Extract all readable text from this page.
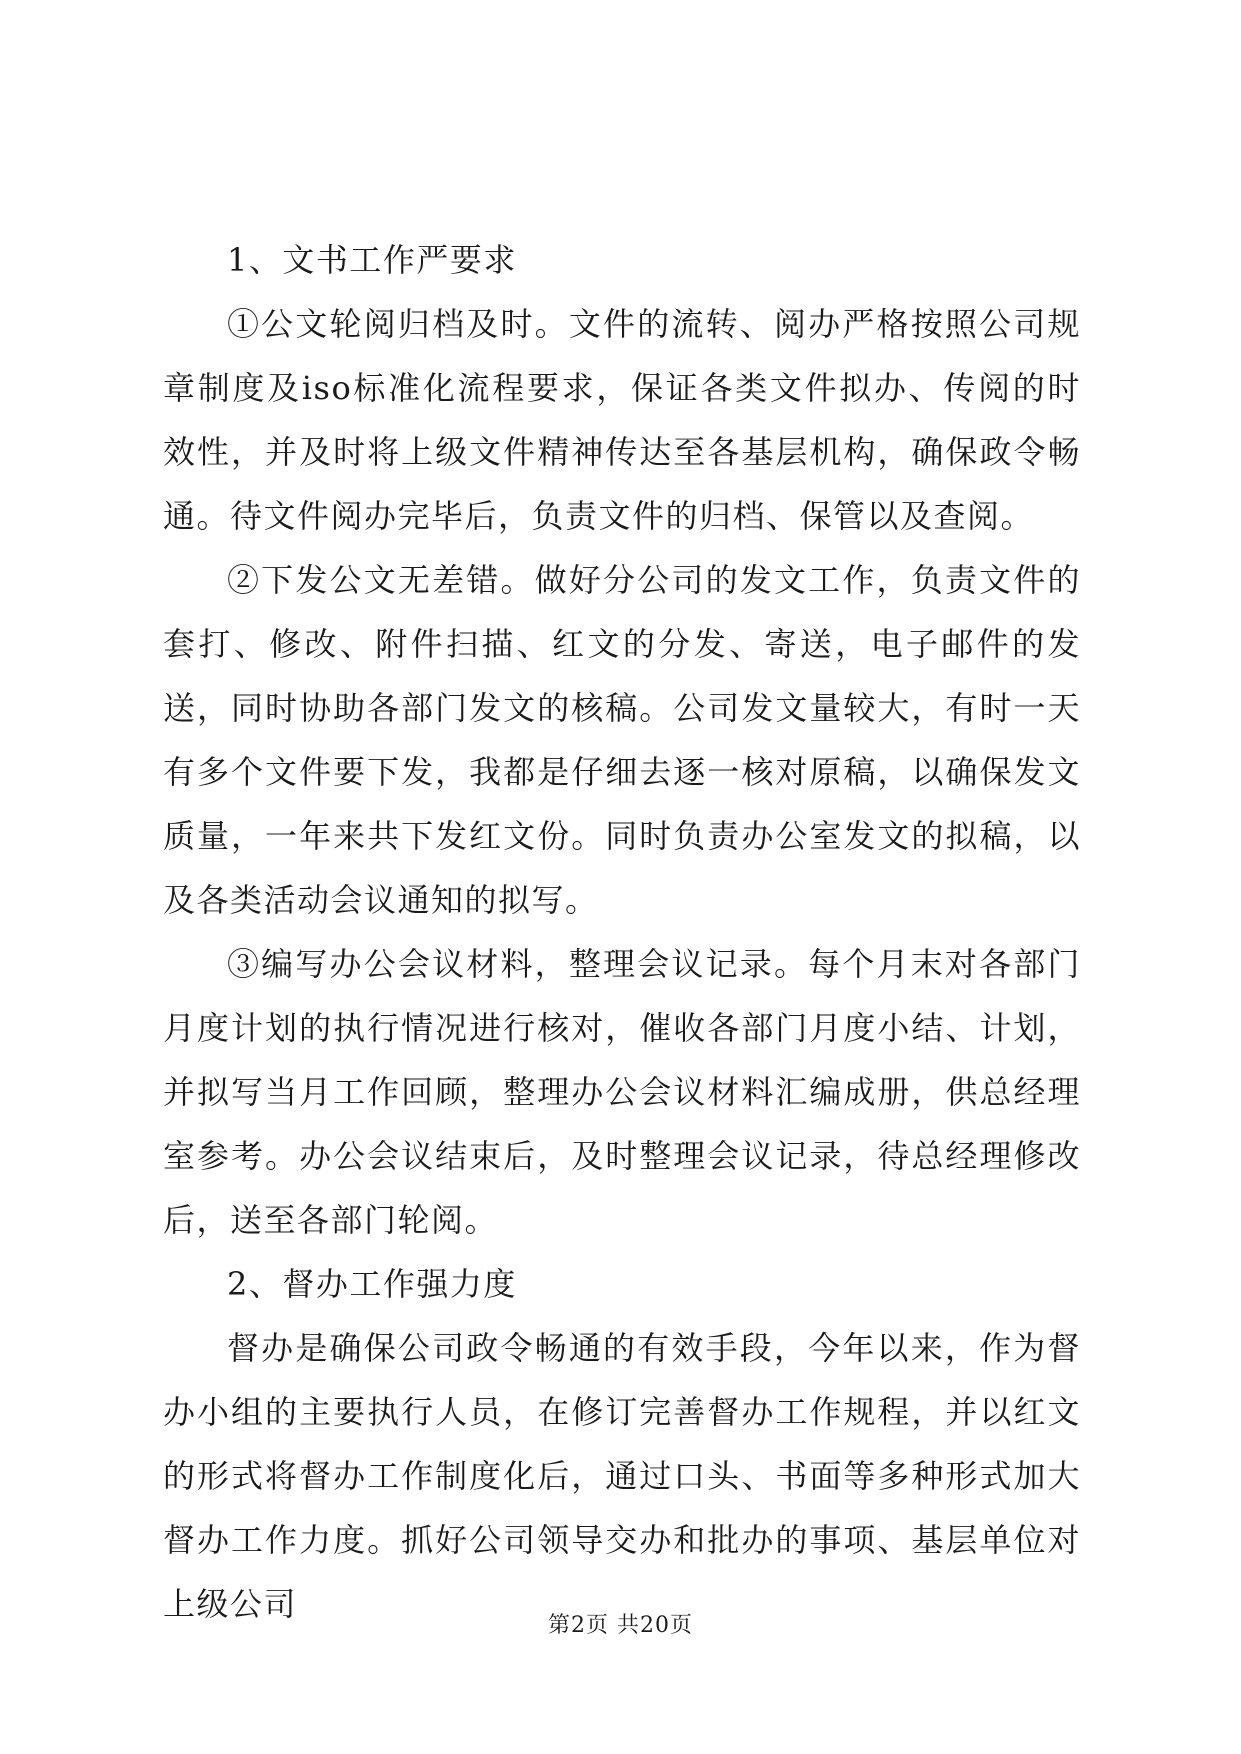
1、文书工作严要求

①公文轮阅归档及时。文件的流转、阅办严格按照公司规章制度及iso标准化流程要求，保证各类文件拟办、传阅的时效性，并及时将上级文件精神传达至各基层机构，确保政令畅通。待文件阅办完毕后，负责文件的归档、保管以及查阅。

②下发公文无差错。做好分公司的发文工作，负责文件的套打、修改、附件扫描、红文的分发、寄送，电子邮件的发送，同时协助各部门发文的核稿。公司发文量较大，有时一天有多个文件要下发，我都是仔细去逐一核对原稿，以确保发文质量，一年来共下发红文份。同时负责办公室发文的拟稿，以及各类活动会议通知的拟写。

③编写办公会议材料，整理会议记录。每个月末对各部门月度计划的执行情况进行核对，催收各部门月度小结、计划，并拟写当月工作回顾，整理办公会议材料汇编成册，供总经理室参考。办公会议结束后，及时整理会议记录，待总经理修改后，送至各部门轮阅。

2、督办工作强力度

督办是确保公司政令畅通的有效手段，今年以来，作为督办小组的主要执行人员，在修订完善督办工作规程，并以红文的形式将督办工作制度化后，通过口头、书面等多种形式加大督办工作力度。抓好公司领导交办和批办的事项、基层单位对上级公司

第2页 共20页
